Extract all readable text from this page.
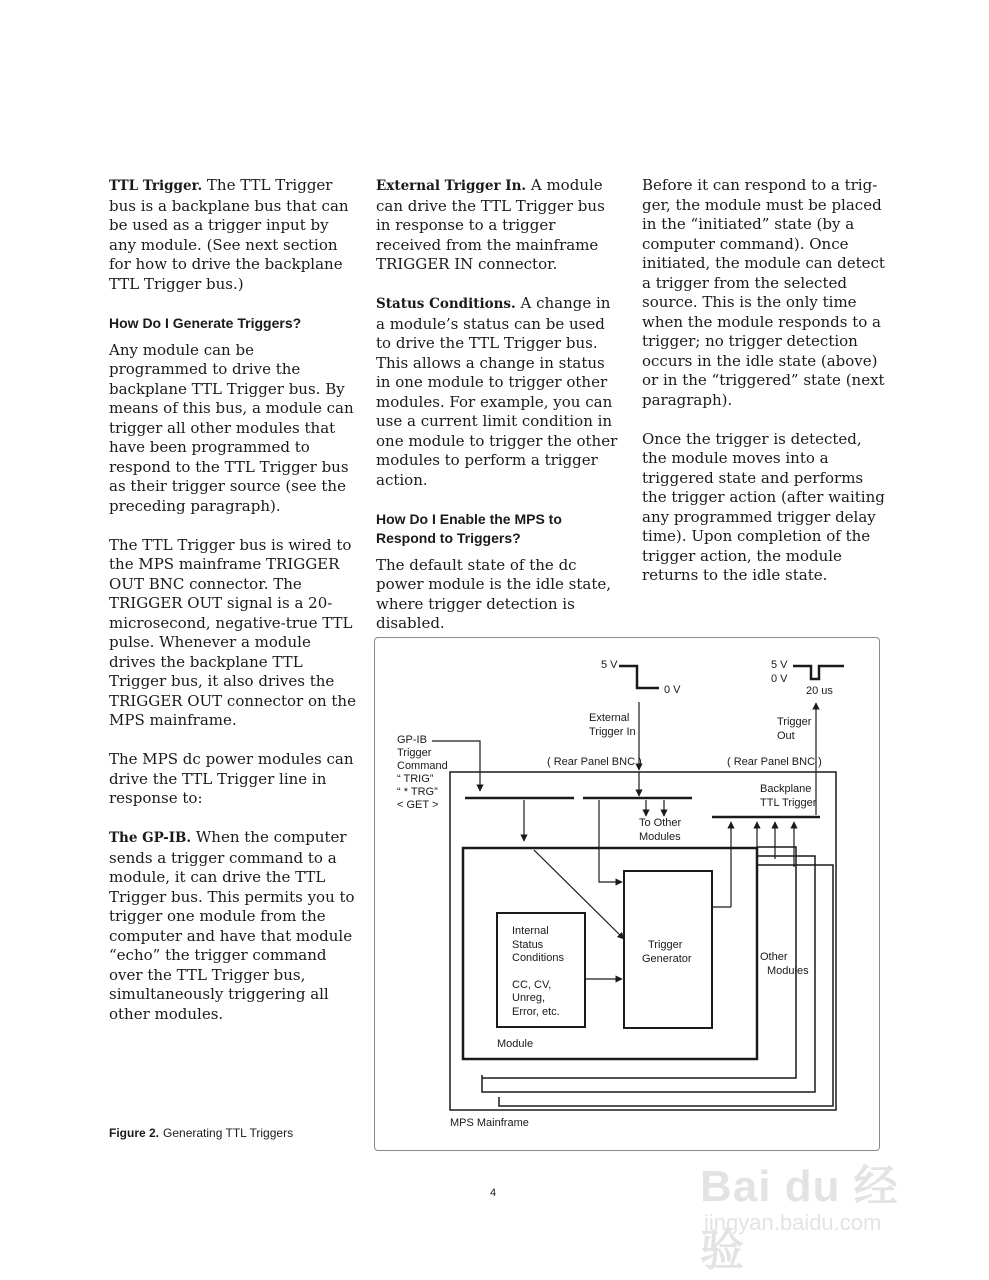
TTL Trigger. The TTL Trigger bus is a backplane bus that can be used as a trigger input by any module. (See next section for how to drive the backplane TTL Trigger bus.)

How Do I Generate Triggers?

Any module can be programmed to drive the backplane TTL Trigger bus. By means of this bus, a module can trigger all other modules that have been programmed to respond to the TTL Trigger bus as their trigger source (see the preceding paragraph).

The TTL Trigger bus is wired to the MPS mainframe TRIGGER OUT BNC connector. The TRIGGER OUT signal is a 20-microsecond, negative-true TTL pulse. Whenever a module drives the backplane TTL Trigger bus, it also drives the TRIGGER OUT connector on the MPS mainframe.

The MPS dc power modules can drive the TTL Trigger line in response to:

The GP-IB. When the computer sends a trigger command to a module, it can drive the TTL Trigger bus. This permits you to trigger one module from the computer and have that module “echo” the trigger command over the TTL Trigger bus, simultaneously triggering all other modules.

External Trigger In. A module can drive the TTL Trigger bus in response to a trigger received from the mainframe TRIGGER IN connector.

Status Conditions. A change in a module’s status can be used to drive the TTL Trigger bus. This allows a change in status in one module to trigger other modules. For example, you can use a current limit condition in one module to trigger the other modules to perform a trigger action.

How Do I Enable the MPS to Respond to Triggers?

The default state of the dc power module is the idle state, where trigger detection is disabled.

Before it can respond to a trig-ger, the module must be placed in the “initiated” state (by a computer command). Once initiated, the module can detect a trigger from the selected source. This is the only time when the module responds to a trigger; no trigger detection occurs in the idle state (above) or in the “triggered” state (next paragraph).

Once the trigger is detected, the module moves into a triggered state and performs the trigger action (after waiting any programmed trigger delay time). Upon completion of the trigger action, the module returns to the idle state.

5 V
0 V
5 V
0 V
20 us
External
Trigger In
Trigger
Out
GP-IB
Trigger
Command
“ TRIG”
“ * TRG”
< GET >
( Rear Panel BNC )	( Rear Panel BNC )
Backplane
TTL Trigger
To Other
Modules
Trigger
Generator
Internal
Status
Conditions
CC, CV,
Unreg,
Error, etc.
Other
Modules
Module
MPS Mainframe
Figure 2. Generating TTL Triggers
4	Bai du 经验
jingyan.baidu.com
